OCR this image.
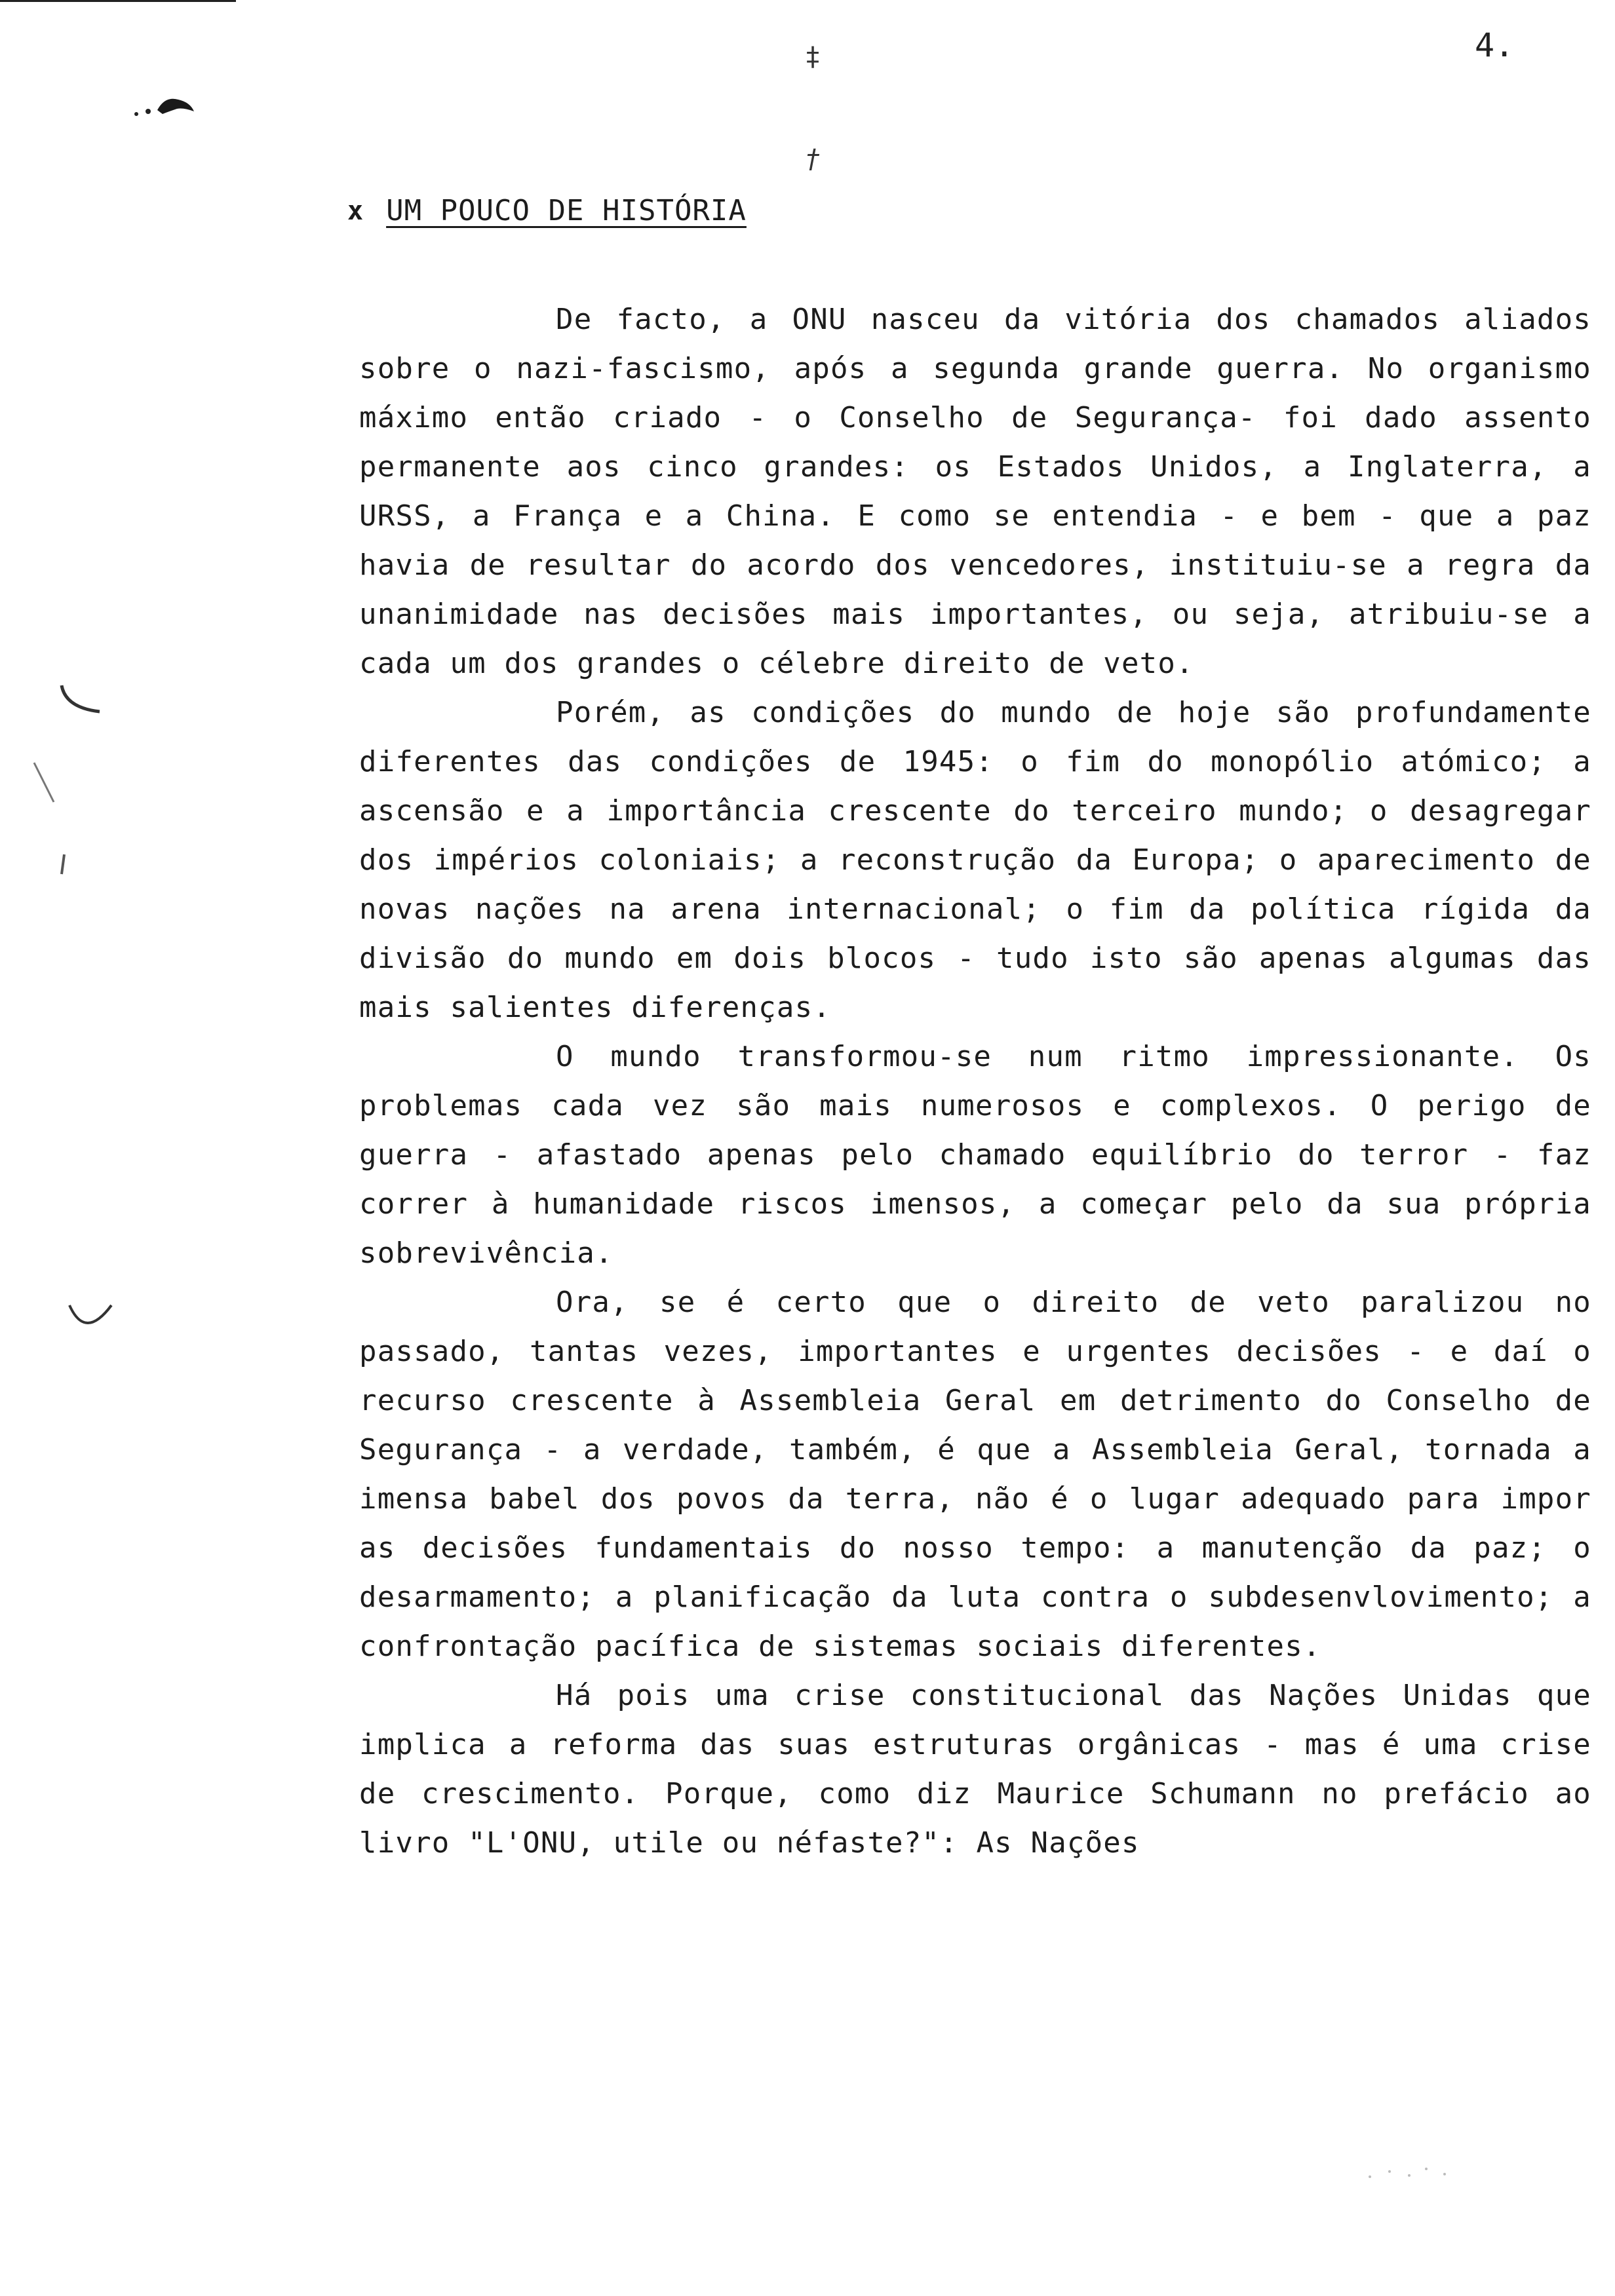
4.
‡
†
x UM POUCO DE HISTÓRIA

De facto, a ONU nasceu da vitória dos chamados aliados sobre o nazi-fascismo, após a segunda grande guerra. No organismo máximo então criado - o Conselho de Segurança- foi dado assento permanente aos cinco grandes: os Estados Unidos, a Inglaterra, a URSS, a França e a China. E como se entendia - e bem - que a paz havia de resultar do acordo dos vencedores, instituiu-se a regra da unanimidade nas decisões mais importantes, ou seja, atribuiu-se a cada um dos grandes o célebre direito de veto.

Porém, as condições do mundo de hoje são profundamente diferentes das condições de 1945: o fim do monopólio atómico; a ascensão e a importância crescente do terceiro mundo; o desagregar dos impérios coloniais; a reconstrução da Europa; o aparecimento de novas nações na arena internacional; o fim da política rígida da divisão do mundo em dois blocos - tudo isto são apenas algumas das mais salientes diferenças.

O mundo transformou-se num ritmo impressionante. Os problemas cada vez são mais numerosos e complexos. O perigo de guerra - afastado apenas pelo chamado equilíbrio do terror - faz correr à humanidade riscos imensos, a começar pelo da sua própria sobrevivência.

Ora, se é certo que o direito de veto paralizou no passado, tantas vezes, importantes e urgentes decisões - e daí o recurso crescente à Assembleia Geral em detrimento do Conselho de Segurança - a verdade, também, é que a Assembleia Geral, tornada a imensa babel dos povos da terra, não é o lugar adequado para impor as decisões fundamentais do nosso tempo: a manutenção da paz; o desarmamento; a planificação da luta contra o subdesenvlovimento; a confrontação pacífica de sistemas sociais diferentes.

Há pois uma crise constitucional das Nações Unidas que implica a reforma das suas estruturas orgânicas - mas é uma crise de crescimento. Porque, como diz Maurice Schumann no prefácio ao livro "L'ONU, utile ou néfaste?": As Nações
